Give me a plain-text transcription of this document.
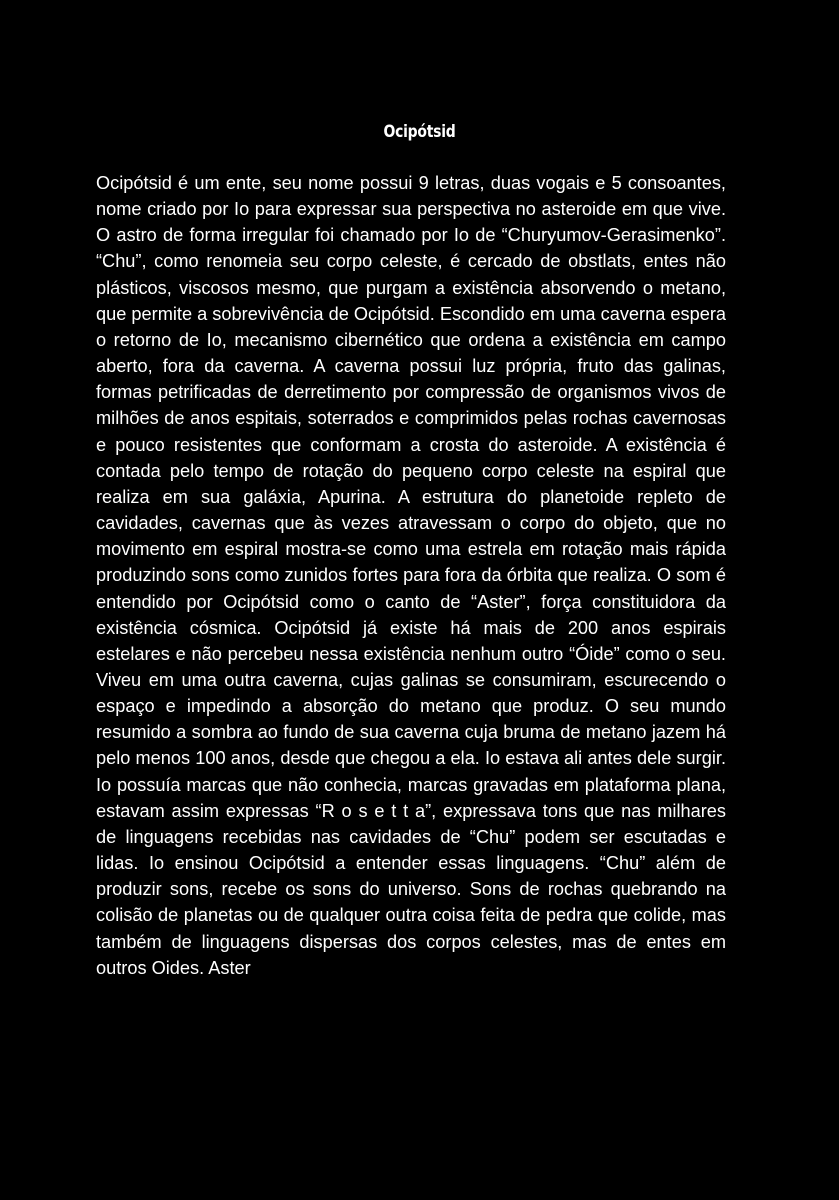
Ocipótsid
Ocipótsid é um ente, seu nome possui 9 letras, duas vogais e 5 consoantes, nome criado por Io para expressar sua perspectiva no asteroide em que vive. O astro de forma irregular foi chamado por Io de “Churyumov-Gerasimenko”. “Chu”, como renomeia seu corpo celeste, é cercado de obstlats, entes não plásticos, viscosos mesmo, que purgam a existência absorvendo o metano, que permite a sobrevivência de Ocipótsid. Escondido em uma caverna espera o retorno de Io, mecanismo cibernético que ordena a existência em campo aberto, fora da caverna. A caverna possui luz própria, fruto das galinas, formas petrificadas de derretimento por compressão de organismos vivos de milhões de anos espitais, soterrados e comprimidos pelas rochas cavernosas e pouco resistentes que conformam a crosta do asteroide. A existência é contada pelo tempo de rotação do pequeno corpo celeste na espiral que realiza em sua galáxia, Apurina. A estrutura do planetoide repleto de cavidades, cavernas que às vezes atravessam o corpo do objeto, que no movimento em espiral mostra-se como uma estrela em rotação mais rápida produzindo sons como zunidos fortes para fora da órbita que realiza. O som é entendido por Ocipótsid como o canto de “Aster”, força constituidora da existência cósmica. Ocipótsid já existe há mais de 200 anos espirais estelares e não percebeu nessa existência nenhum outro “Óide” como o seu. Viveu em uma outra caverna, cujas galinas se consumiram, escurecendo o espaço e impedindo a absorção do metano que produz. O seu mundo resumido a sombra ao fundo de sua caverna cuja bruma de metano jazem há pelo menos 100 anos, desde que chegou a ela. Io estava ali antes dele surgir. Io possuía marcas que não conhecia, marcas gravadas em plataforma plana, estavam assim expressas “R o s e t t a”, expressava tons que nas milhares de linguagens recebidas nas cavidades de “Chu” podem ser escutadas e lidas. Io ensinou Ocipótsid a entender essas linguagens. “Chu” além de produzir sons, recebe os sons do universo. Sons de rochas quebrando na colisão de planetas ou de qualquer outra coisa feita de pedra que colide, mas também de linguagens dispersas dos corpos celestes, mas de entes em outros Oides. Aster
